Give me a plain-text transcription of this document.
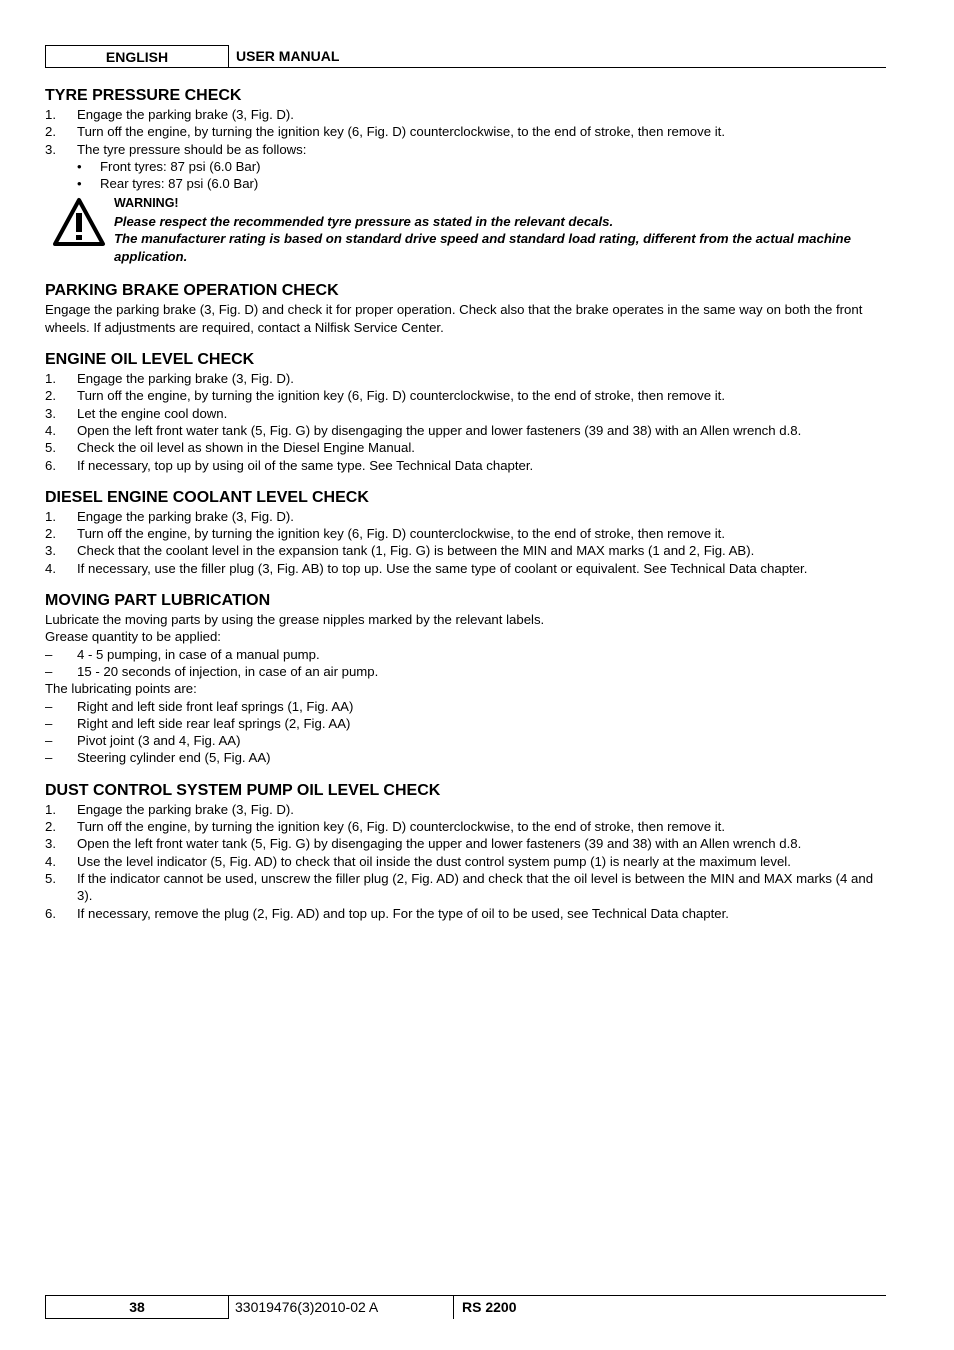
ENGLISH	USER MANUAL
TYRE PRESSURE CHECK
1. Engage the parking brake (3, Fig. D).
2. Turn off the engine, by turning the ignition key (6, Fig. D) counterclockwise, to the end of stroke, then remove it.
3. The tyre pressure should be as follows:
• Front tyres: 87 psi (6.0 Bar)
• Rear tyres: 87 psi (6.0 Bar)
WARNING!
Please respect the recommended tyre pressure as stated in the relevant decals.
The manufacturer rating is based on standard drive speed and standard load rating, different from the actual machine application.
PARKING BRAKE OPERATION CHECK

Engage the parking brake (3, Fig. D) and check it for proper operation. Check also that the brake operates in the same way on both the front wheels. If adjustments are required, contact a Nilfisk Service Center.

ENGINE OIL LEVEL CHECK
1. Engage the parking brake (3, Fig. D).
2. Turn off the engine, by turning the ignition key (6, Fig. D) counterclockwise, to the end of stroke, then remove it.
3. Let the engine cool down.
4. Open the left front water tank (5, Fig. G) by disengaging the upper and lower fasteners (39 and 38) with an Allen wrench d.8.
5. Check the oil level as shown in the Diesel Engine Manual.
6. If necessary, top up by using oil of the same type. See Technical Data chapter.
DIESEL ENGINE COOLANT LEVEL CHECK
1. Engage the parking brake (3, Fig. D).
2. Turn off the engine, by turning the ignition key (6, Fig. D) counterclockwise, to the end of stroke, then remove it.
3. Check that the coolant level in the expansion tank (1, Fig. G) is between the MIN and MAX marks (1 and 2, Fig. AB).
4. If necessary, use the filler plug (3, Fig. AB) to top up. Use the same type of coolant or equivalent. See Technical Data chapter.
MOVING PART LUBRICATION

Lubricate the moving parts by using the grease nipples marked by the relevant labels.

Grease quantity to be applied:

– 4 - 5 pumping, in case of a manual pump.
– 15 - 20 seconds of injection, in case of an air pump.

The lubricating points are:

– Right and left side front leaf springs (1, Fig. AA)
– Right and left side rear leaf springs (2, Fig. AA)
– Pivot joint (3 and 4, Fig. AA)
– Steering cylinder end (5, Fig. AA)
DUST CONTROL SYSTEM PUMP OIL LEVEL CHECK
1. Engage the parking brake (3, Fig. D).
2. Turn off the engine, by turning the ignition key (6, Fig. D) counterclockwise, to the end of stroke, then remove it.
3. Open the left front water tank (5, Fig. G) by disengaging the upper and lower fasteners (39 and 38) with an Allen wrench d.8.
4. Use the level indicator (5, Fig. AD) to check that oil inside the dust control system pump (1) is nearly at the maximum level.
5. If the indicator cannot be used, unscrew the filler plug (2, Fig. AD) and check that the oil level is between the MIN and MAX marks (4 and 3).
6. If necessary, remove the plug (2, Fig. AD) and top up. For the type of oil to be used, see Technical Data chapter.
38	33019476(3)2010-02 A	RS 2200
